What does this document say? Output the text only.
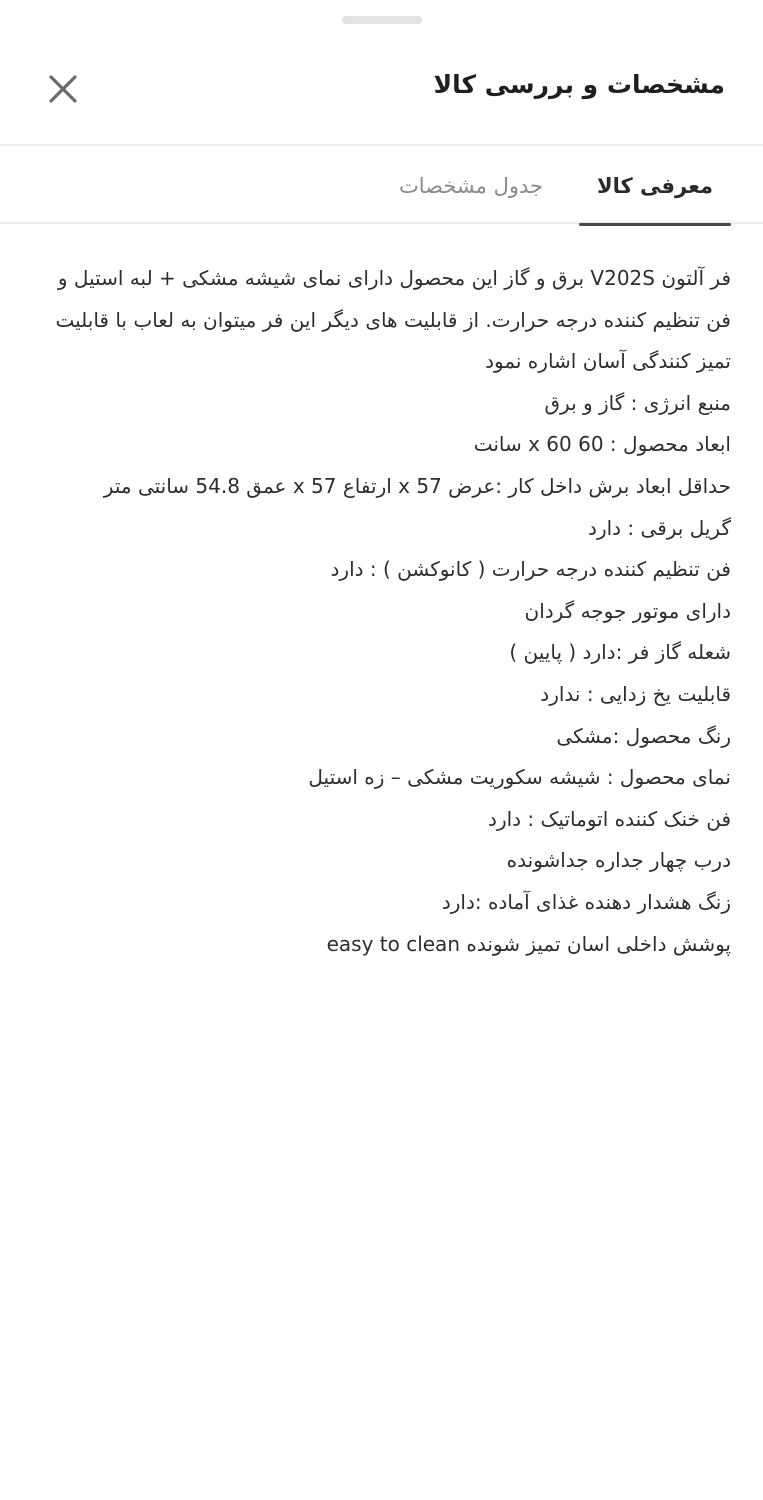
مشخصات و بررسی کالا
معرفی کالا
جدول مشخصات

فر آلتون V202S برق و گاز این محصول دارای نمای شیشه مشکی + لبه استیل و فن تنظیم کننده درجه حرارت. از قابلیت های دیگر این فر میتوان به لعاب با قابلیت تمیز کنندگی آسان اشاره نمود

منبع انرژی : گاز و برق

ابعاد محصول : 60 x 60 سانت

حداقل ابعاد برش داخل کار :عرض 57 x ارتفاع 57 x عمق 54.8 سانتی متر

گریل برقی : دارد

فن تنظیم کننده درجه حرارت ( کانوکشن ) : دارد

دارای موتور جوجه گردان

شعله گاز فر :دارد ( پایین )

قابلیت یخ زدایی : ندارد

رنگ محصول :مشکی

نمای محصول : شیشه سکوریت مشکی – زه استیل

فن خنک کننده اتوماتیک : دارد

درب چهار جداره جداشونده

زنگ هشدار دهنده غذای آماده :دارد

پوشش داخلی اسان تمیز شونده easy to clean
